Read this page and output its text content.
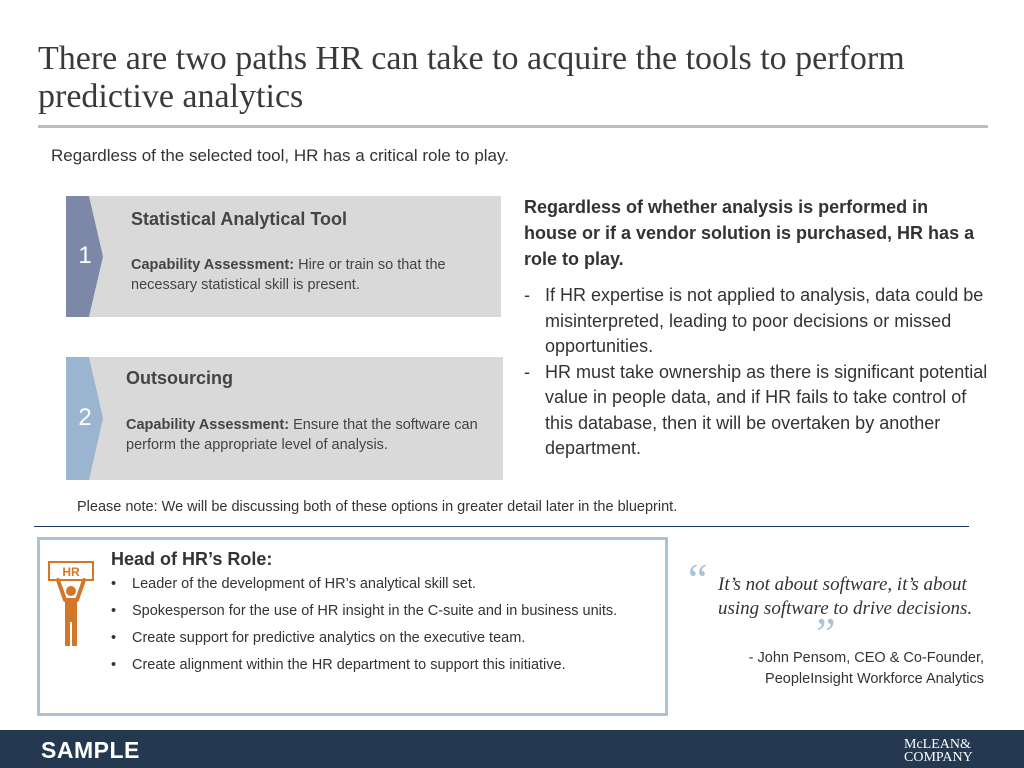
There are two paths HR can take to acquire the tools to perform predictive analytics
Regardless of the selected tool, HR has a critical role to play.
1
Statistical Analytical Tool
Capability Assessment: Hire or train so that the necessary statistical skill is present.
2
Outsourcing
Capability Assessment: Ensure that the software can perform the appropriate level of analysis.
Regardless of whether analysis is performed in house or if a vendor solution is purchased, HR has a role to play.
- If HR expertise is not applied to analysis, data could be misinterpreted, leading to poor decisions or missed opportunities.
- HR must take ownership as there is significant potential value in people data, and if HR fails to take control of this database, then it will be overtaken by another department.
Please note: We will be discussing both of these options in greater detail later in the blueprint.
HR
Head of HR’s Role:
• Leader of the development of HR’s analytical skill set.
• Spokesperson for the use of HR insight in the C-suite and in business units.
• Create support for predictive analytics on the executive team.
• Create alignment within the HR department to support this initiative.
“ It’s not about software, it’s about using software to drive decisions.
”
- John Pensom, CEO & Co-Founder, PeopleInsight Workforce Analytics
SAMPLE	McLEAN&
COMPANY
